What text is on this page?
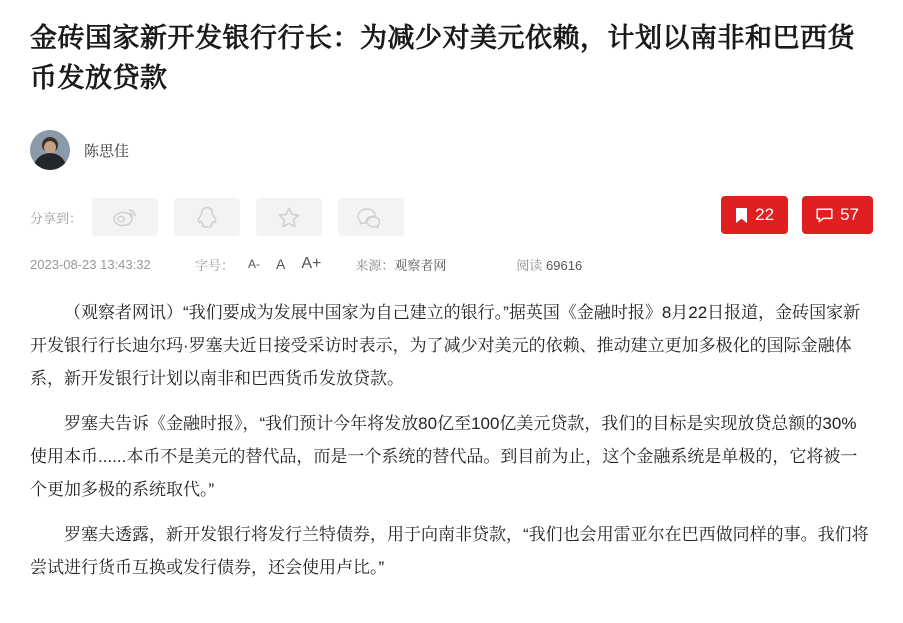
金砖国家新开发银行行长：为减少对美元依赖，计划以南非和巴西货币发放贷款
陈思佳
分享到：	22	57
2023-08-23 13:43:32	字号： A- A A+	来源：观察者网	阅读 69616

（观察者网讯）“我们要成为发展中国家为自己建立的银行。”据英国《金融时报》8月22日报道，金砖国家新开发银行行长迪尔玛·罗塞夫近日接受采访时表示，为了减少对美元的依赖、推动建立更加多极化的国际金融体系，新开发银行计划以南非和巴西货币发放贷款。

罗塞夫告诉《金融时报》，“我们预计今年将发放80亿至100亿美元贷款，我们的目标是实现放贷总额的30%使用本币......本币不是美元的替代品，而是一个系统的替代品。到目前为止，这个金融系统是单极的，它将被一个更加多极的系统取代。”

罗塞夫透露，新开发银行将发行兰特债券，用于向南非贷款，“我们也会用雷亚尔在巴西做同样的事。我们将尝试进行货币互换或发行债券，还会使用卢比。”
